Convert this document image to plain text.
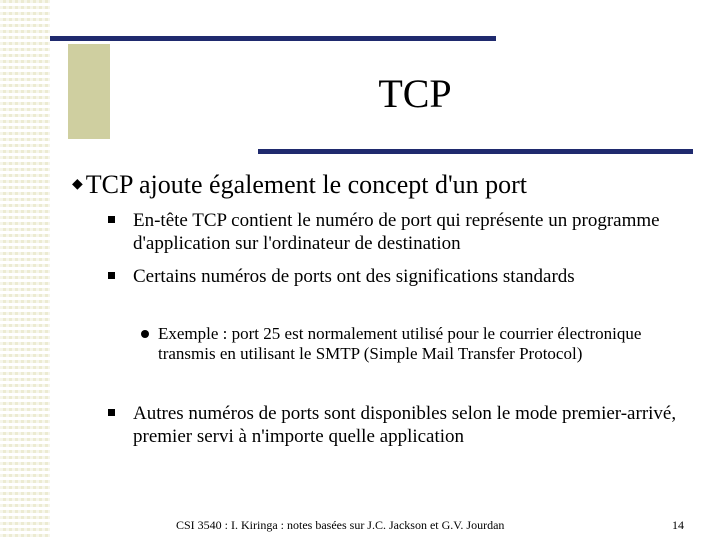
TCP
◆ TCP ajoute également le concept d'un port
En-tête TCP contient le numéro de port qui représente un programme d'application sur l'ordinateur de destination
Certains numéros de ports ont des significations standards
Exemple : port 25 est normalement utilisé pour le courrier électronique transmis en utilisant le SMTP (Simple Mail Transfer Protocol)
Autres numéros de ports sont disponibles selon le mode premier-arrivé, premier servi à n'importe quelle application
CSI 3540 : I. Kiringa : notes basées sur J.C. Jackson et G.V. Jourdan	14
